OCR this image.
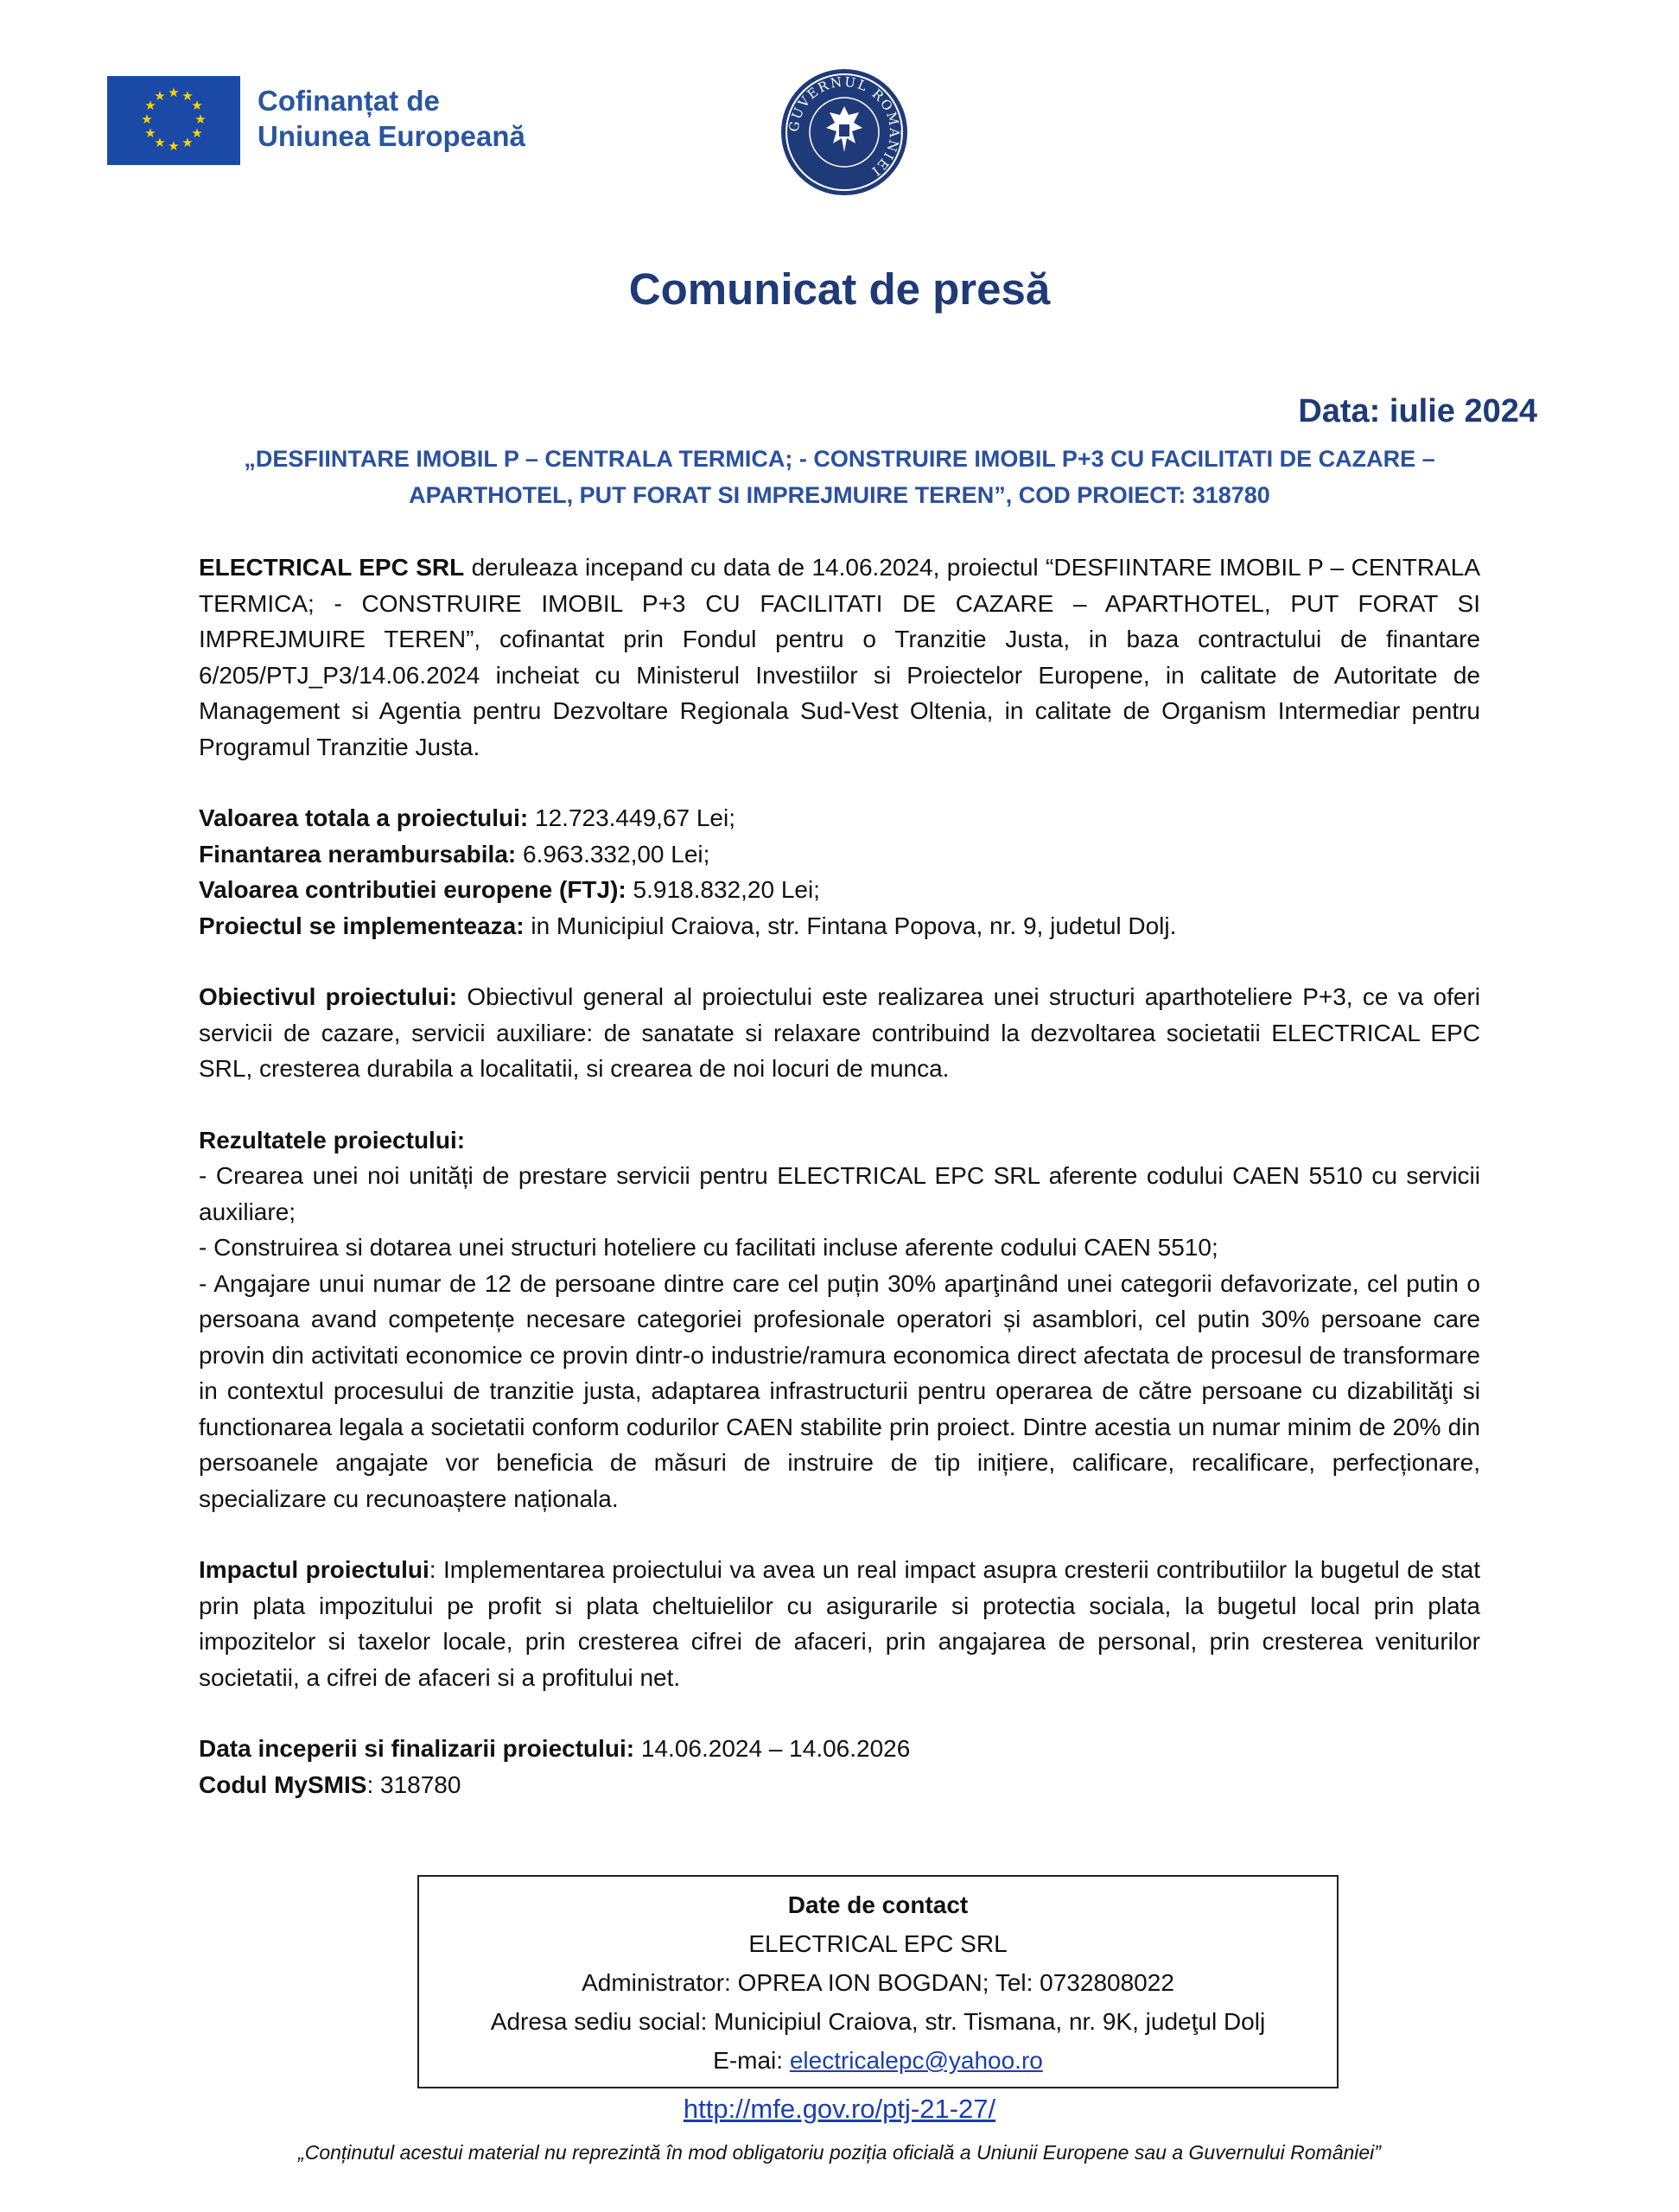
★ ★
★
★
★
★
★
★
★
★
★
★	Cofinanțat de
Uniunea Europeană	GUVERNUL ROMÂNIEI
Comunicat de presă
Data: iulie 2024
„DESFIINTARE IMOBIL P – CENTRALA TERMICA; - CONSTRUIRE IMOBIL P+3 CU FACILITATI DE CAZARE – APARTHOTEL, PUT FORAT SI IMPREJMUIRE TEREN”, COD PROIECT: 318780

ELECTRICAL EPC SRL deruleaza incepand cu data de 14.06.2024, proiectul “DESFIINTARE IMOBIL P – CENTRALA TERMICA; - CONSTRUIRE IMOBIL P+3 CU FACILITATI DE CAZARE – APARTHOTEL, PUT FORAT SI IMPREJMUIRE TEREN”, cofinantat prin Fondul pentru o Tranzitie Justa, in baza contractului de finantare 6/205/PTJ_P3/14.06.2024 incheiat cu Ministerul Investiilor si Proiectelor Europene, in calitate de Autoritate de Management si Agentia pentru Dezvoltare Regionala Sud-Vest Oltenia, in calitate de Organism Intermediar pentru Programul Tranzitie Justa.

Valoarea totala a proiectului: 12.723.449,67 Lei;

Finantarea nerambursabila: 6.963.332,00 Lei;

Valoarea contributiei europene (FTJ): 5.918.832,20 Lei;

Proiectul se implementeaza: in Municipiul Craiova, str. Fintana Popova, nr. 9, judetul Dolj.

Obiectivul proiectului: Obiectivul general al proiectului este realizarea unei structuri aparthoteliere P+3, ce va oferi servicii de cazare, servicii auxiliare: de sanatate si relaxare contribuind la dezvoltarea societatii ELECTRICAL EPC SRL, cresterea durabila a localitatii, si crearea de noi locuri de munca.

Rezultatele proiectului:

- Crearea unei noi unități de prestare servicii pentru ELECTRICAL EPC SRL aferente codului CAEN 5510 cu servicii auxiliare;

- Construirea si dotarea unei structuri hoteliere cu facilitati incluse aferente codului CAEN 5510;

- Angajare unui numar de 12 de persoane dintre care cel puțin 30% aparţinând unei categorii defavorizate, cel putin o persoana avand competențe necesare categoriei profesionale operatori și asamblori, cel putin 30% persoane care provin din activitati economice ce provin dintr-o industrie/ramura economica direct afectata de procesul de transformare in contextul procesului de tranzitie justa, adaptarea infrastructurii pentru operarea de către persoane cu dizabilităţi si functionarea legala a societatii conform codurilor CAEN stabilite prin proiect. Dintre acestia un numar minim de 20% din persoanele angajate vor beneficia de măsuri de instruire de tip inițiere, calificare, recalificare, perfecționare, specializare cu recunoaștere naționala.

Impactul proiectului: Implementarea proiectului va avea un real impact asupra cresterii contributiilor la bugetul de stat prin plata impozitului pe profit si plata cheltuielilor cu asigurarile si protectia sociala, la bugetul local prin plata impozitelor si taxelor locale, prin cresterea cifrei de afaceri, prin angajarea de personal, prin cresterea veniturilor societatii, a cifrei de afaceri si a profitului net.

Data inceperii si finalizarii proiectului: 14.06.2024 – 14.06.2026

Codul MySMIS: 318780

Date de contact
ELECTRICAL EPC SRL
Administrator: OPREA ION BOGDAN; Tel: 0732808022
Adresa sediu social: Municipiul Craiova, str. Tismana, nr. 9K, judeţul Dolj
E-mai: electricalepc@yahoo.ro
http://mfe.gov.ro/ptj-21-27/
„Conținutul acestui material nu reprezintă în mod obligatoriu poziția oficială a Uniunii Europene sau a Guvernului României”
